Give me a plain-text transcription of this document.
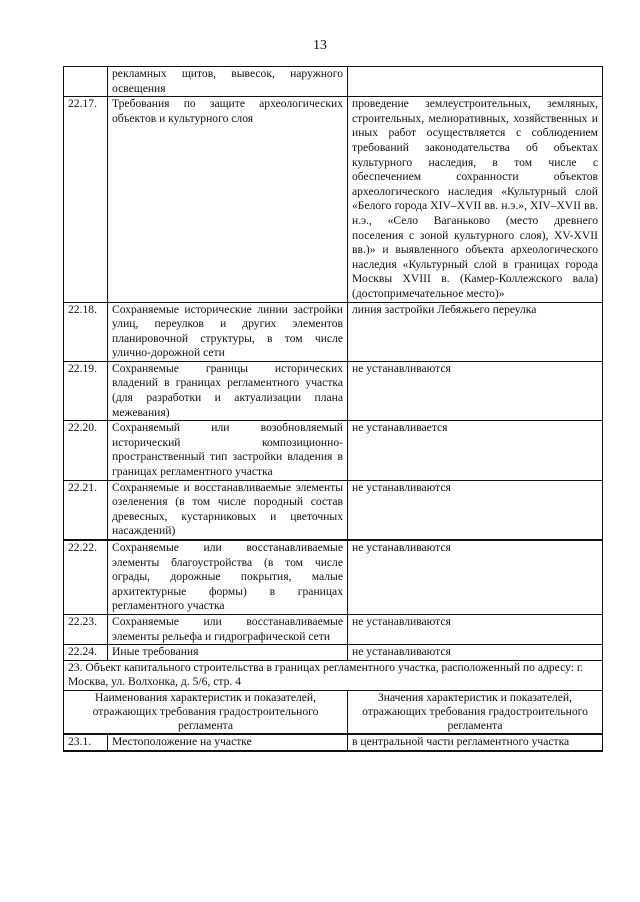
13
	рекламных щитов, вывесок, наружного освещения	
22.17.	Требования по защите археологических объектов и культурного слоя	проведение землеустроительных, земляных, строительных, мелиоративных, хозяйственных и иных работ осуществляется с соблюдением требований законодательства об объектах культурного наследия, в том числе с обеспечением сохранности объектов археологического наследия «Культурный слой «Белого города XIV–XVII вв. н.э.», XIV–XVII вв. н.э., «Село Ваганьково (место древнего поселения с зоной культурного слоя), XV-XVII вв.)» и выявленного объекта археологического наследия «Культурный слой в границах города Москвы XVIII в. (Камер-Коллежского вала) (достопримечательное место)»
22.18.	Сохраняемые исторические линии застройки улиц, переулков и других элементов планировочной структуры, в том числе улично-дорожной сети	линия застройки Лебяжьего переулка
22.19.	Сохраняемые границы исторических владений в границах регламентного участка (для разработки и актуализации плана межевания)	не устанавливаются
22.20.	Сохраняемый или возобновляемый исторический композиционно-пространственный тип застройки владения в границах регламентного участка	не устанавливается
22.21.	Сохраняемые и восстанавливаемые элементы озеленения (в том числе породный состав древесных, кустарниковых и цветочных насаждений)	не устанавливаются
22.22.	Сохраняемые или восстанавливаемые элементы благоустройства (в том числе ограды, дорожные покрытия, малые архитектурные формы) в границах регламентного участка	не устанавливаются
22.23.	Сохраняемые или восстанавливаемые элементы рельефа и гидрографической сети	не устанавливаются
22.24.	Иные требования	не устанавливаются
23. Объект капитального строительства в границах регламентного участка, расположенный по адресу: г. Москва, ул. Волхонка, д. 5/6, стр. 4		
Наименования характеристик и показателей, отражающих требования градостроительного регламента		Значения характеристик и показателей, отражающих требования градостроительного регламента
23.1.	Местоположение на участке	в центральной части регламентного участка
